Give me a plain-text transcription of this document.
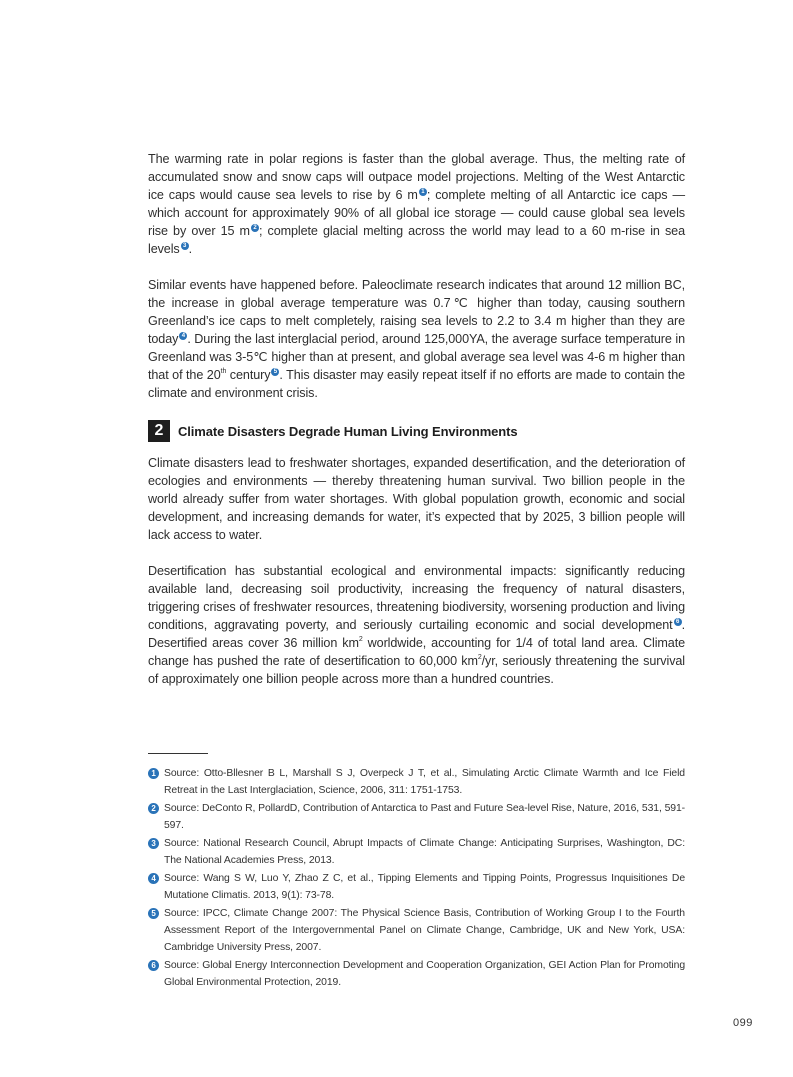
The warming rate in polar regions is faster than the global average. Thus, the melting rate of accumulated snow and snow caps will outpace model projections. Melting of the West Antarctic ice caps would cause sea levels to rise by 6 m 1 ; complete melting of all Antarctic ice caps — which account for approximately 90% of all global ice storage — could cause global sea levels rise by over 15 m 2 ; complete glacial melting across the world may lead to a 60 m-rise in sea levels 3 .

Similar events have happened before. Paleoclimate research indicates that around 12 million BC, the increase in global average temperature was 0.7℃ higher than today, causing southern Greenland’s ice caps to melt completely, raising sea levels to 2.2 to 3.4 m higher than they are today 4 . During the last interglacial period, around 125,000YA, the average surface temperature in Greenland was 3-5℃ higher than at present, and global average sea level was 4-6 m higher than that of the 20th century 5 . This disaster may easily repeat itself if no efforts are made to contain the climate and environment crisis.

2	Climate Disasters Degrade Human Living Environments

Climate disasters lead to freshwater shortages, expanded desertification, and the deterioration of ecologies and environments — thereby threatening human survival. Two billion people in the world already suffer from water shortages. With global population growth, economic and social development, and increasing demands for water, it’s expected that by 2025, 3 billion people will lack access to water.

Desertification has substantial ecological and environmental impacts: significantly reducing available land, decreasing soil productivity, increasing the frequency of natural disasters, triggering crises of freshwater resources, threatening biodiversity, worsening production and living conditions, aggravating poverty, and seriously curtailing economic and social development 6 . Desertified areas cover 36 million $km^2$ worldwide, accounting for 1/4 of total land area. Climate change has pushed the rate of desertification to 60,000 $km^2/yr$, seriously threatening the survival of approximately one billion people across more than a hundred countries.

1 Source: Otto-Bllesner B L, Marshall S J, Overpeck J T, et al., Simulating Arctic Climate Warmth and Ice Field Retreat in the Last Interglaciation, Science, 2006, 311: 1751-1753.
2 Source: DeConto R, PollardD, Contribution of Antarctica to Past and Future Sea-level Rise, Nature, 2016, 531, 591-597.
3 Source: National Research Council, Abrupt Impacts of Climate Change: Anticipating Surprises, Washington, DC: The National Academies Press, 2013.
4 Source: Wang S W, Luo Y, Zhao Z C, et al., Tipping Elements and Tipping Points, Progressus Inquisitiones De Mutatione Climatis. 2013, 9(1): 73-78.
5 Source: IPCC, Climate Change 2007: The Physical Science Basis, Contribution of Working Group I to the Fourth Assessment Report of the Intergovernmental Panel on Climate Change, Cambridge, UK and New York, USA: Cambridge University Press, 2007.
6 Source: Global Energy Interconnection Development and Cooperation Organization, GEI Action Plan for Promoting Global Environmental Protection, 2019.
099
